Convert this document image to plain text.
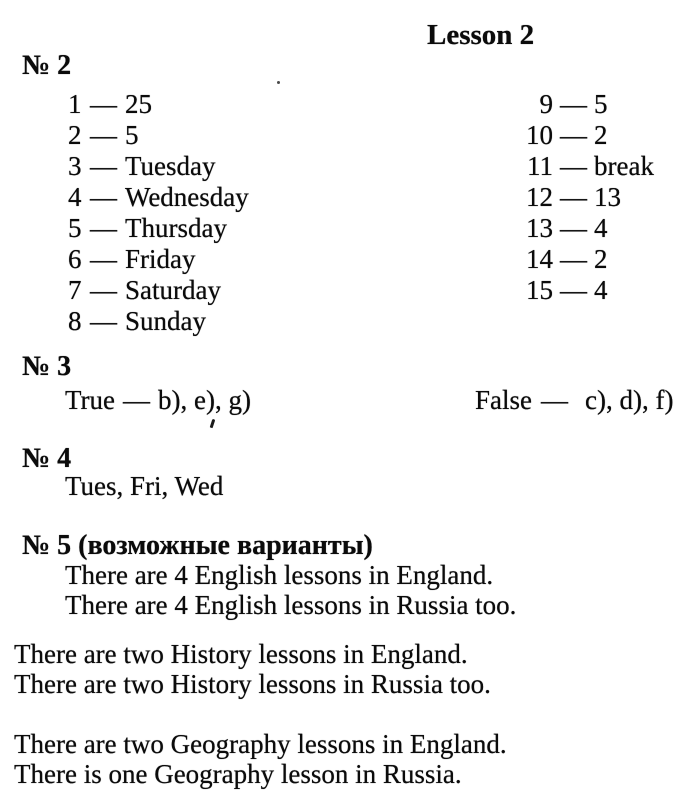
Lesson 2
№ 2
1 — 25
2 — 5
3 — Tuesday
4 — Wednesday
5 — Thursday
6 — Friday
7 — Saturday
8 — Sunday
9 — 5
10 — 2
11 — break
12 — 13
13 — 4
14 — 2
15 — 4
№ 3
True — b), e), g)	False — c), d), f)
№ 4
Tues, Fri, Wed
№ 5 (возможные варианты)
There are 4 English lessons in England.
There are 4 English lessons in Russia too.
There are two History lessons in England.
There are two History lessons in Russia too.
There are two Geography lessons in England.
There is one Geography lesson in Russia.
